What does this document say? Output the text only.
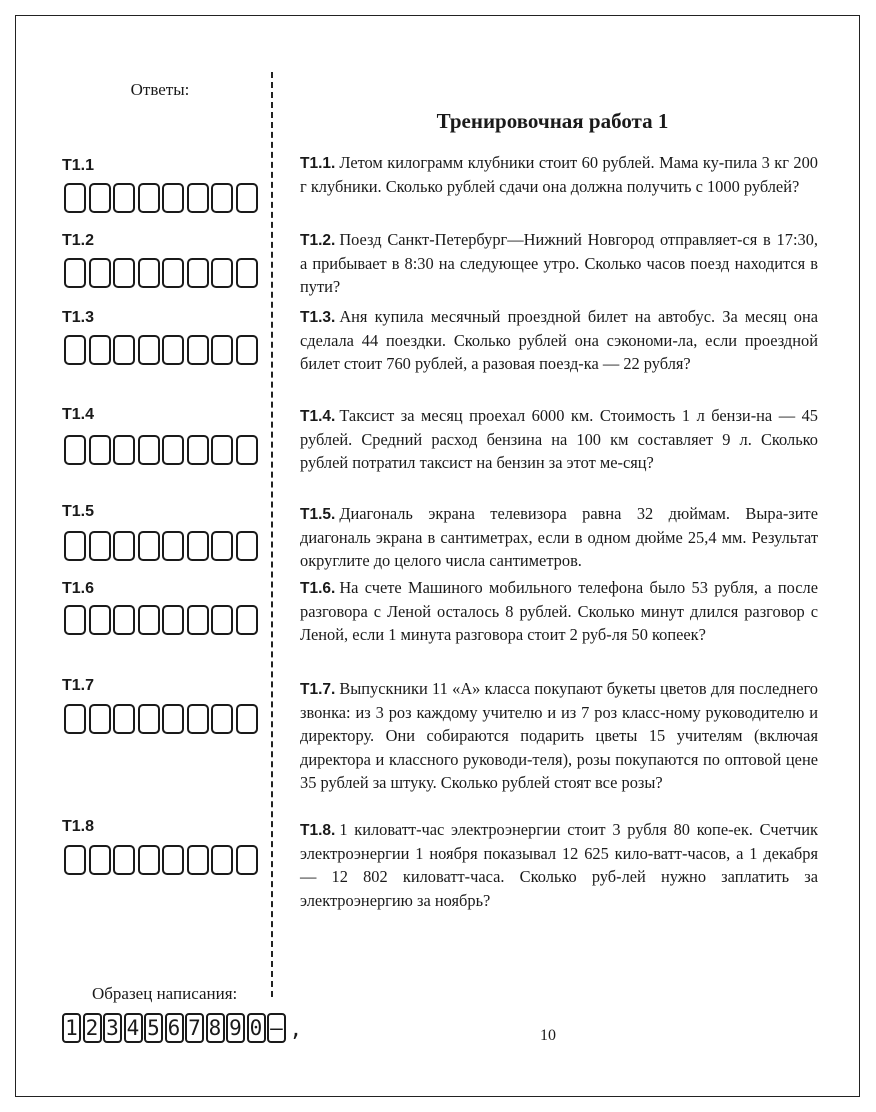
Ответы:
Тренировочная работа 1
T1.1
T1.2
T1.3
T1.4
T1.5
T1.6
T1.7
T1.8
T1.1. Летом килограмм клубники стоит 60 рублей. Мама ку-пила 3 кг 200 г клубники. Сколько рублей сдачи она должна получить с 1000 рублей?
T1.2. Поезд Санкт-Петербург—Нижний Новгород отправляет-ся в 17:30, а прибывает в 8:30 на следующее утро. Сколько часов поезд находится в пути?
T1.3. Аня купила месячный проездной билет на автобус. За месяц она сделала 44 поездки. Сколько рублей она сэкономи-ла, если проездной билет стоит 760 рублей, а разовая поезд-ка — 22 рубля?
T1.4. Таксист за месяц проехал 6000 км. Стоимость 1 л бензи-на — 45 рублей. Средний расход бензина на 100 км составляет 9 л. Сколько рублей потратил таксист на бензин за этот ме-сяц?
T1.5. Диагональ экрана телевизора равна 32 дюймам. Выра-зите диагональ экрана в сантиметрах, если в одном дюйме 25,4 мм. Результат округлите до целого числа сантиметров.
T1.6. На счете Машиного мобильного телефона было 53 рубля, а после разговора с Леной осталось 8 рублей. Сколько минут длился разговор с Леной, если 1 минута разговора стоит 2 руб-ля 50 копеек?
T1.7. Выпускники 11 «А» класса покупают букеты цветов для последнего звонка: из 3 роз каждому учителю и из 7 роз класс-ному руководителю и директору. Они собираются подарить цветы 15 учителям (включая директора и классного руководи-теля), розы покупаются по оптовой цене 35 рублей за штуку. Сколько рублей стоят все розы?
T1.8. 1 киловатт-час электроэнергии стоит 3 рубля 80 копе-ек. Счетчик электроэнергии 1 ноября показывал 12 625 кило-ватт-часов, а 1 декабря — 12 802 киловатт-часа. Сколько руб-лей нужно заплатить за электроэнергию за ноябрь?
Образец написания:
1 2 3 4 5 6 7 8 9 0 — ,	10
